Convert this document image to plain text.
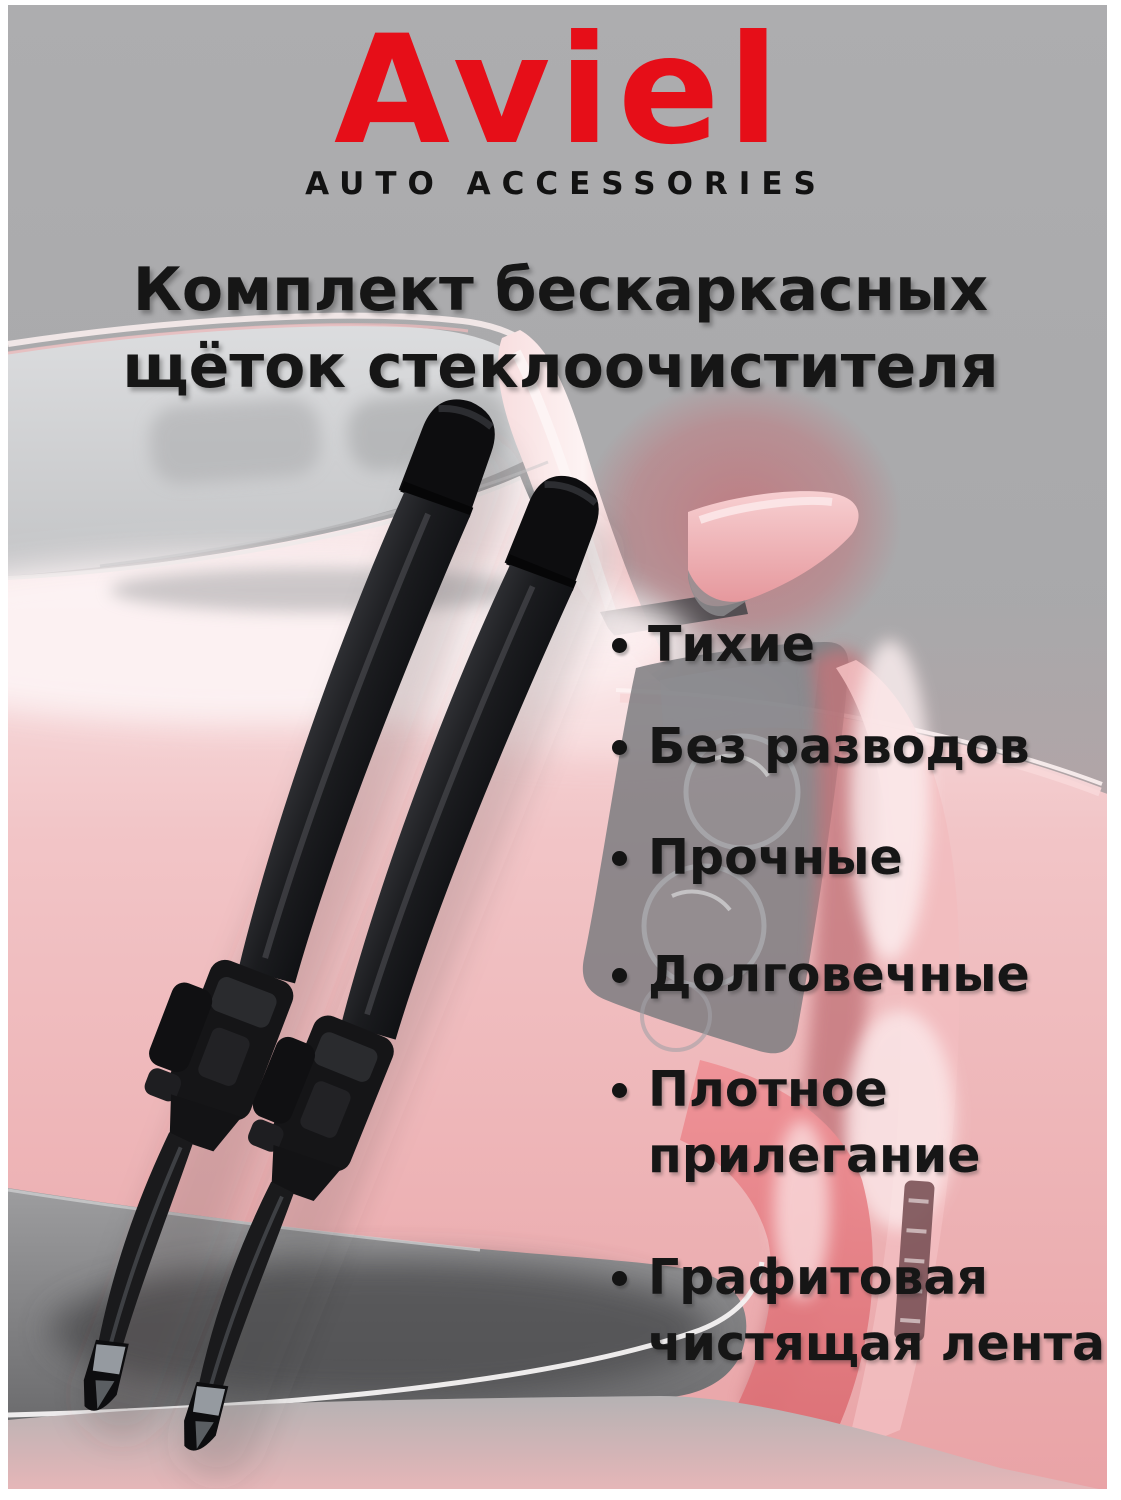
Aviel
AUTO ACCESSORIES
Комплект бескаркасных
щёток стеклоочистителя
Тихие
Без разводов
Прочные
Долговечные
Плотное прилегание
Графитовая чистящая лента
